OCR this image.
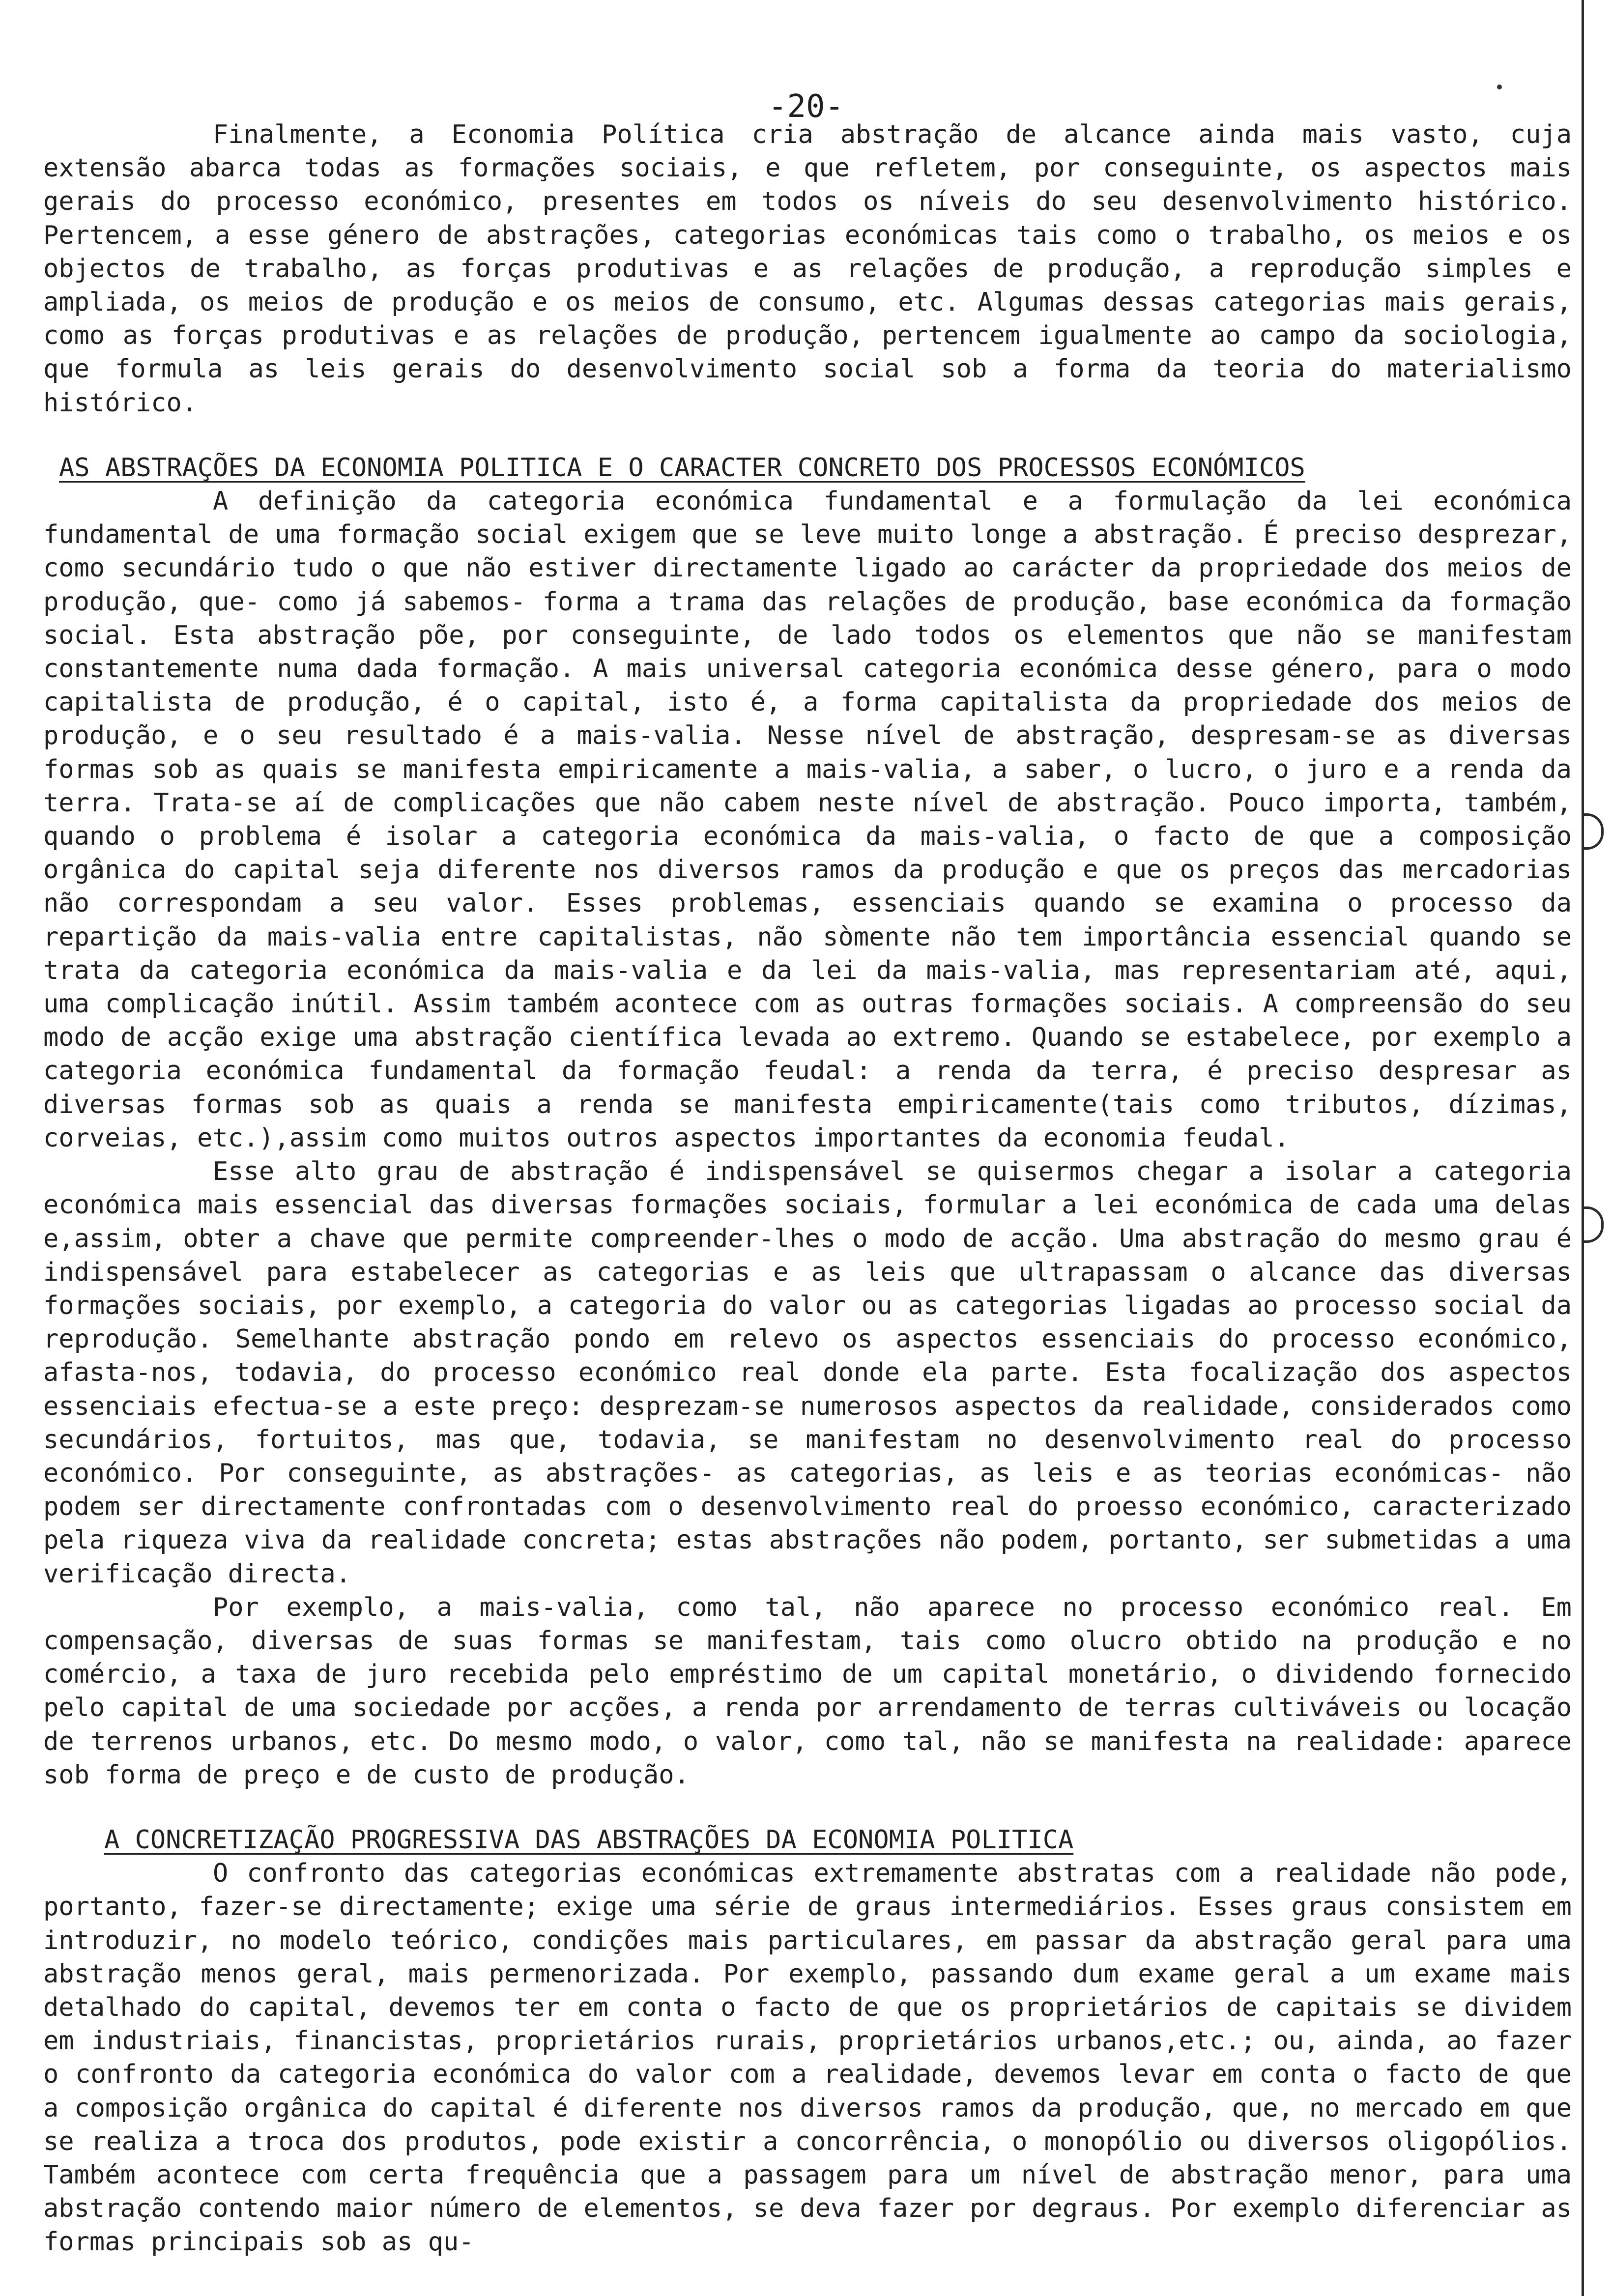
-20-

Finalmente, a Economia Política cria abstração de alcance ainda mais vasto, cuja extensão abarca todas as formações sociais, e que refletem, por conseguinte, os aspectos mais gerais do processo económico, presentes em todos os níveis do seu desenvolvimento histórico. Pertencem, a esse género de abstrações, categorias económicas tais como o trabalho, os meios e os objectos de trabalho, as forças produtivas e as relações de produção, a reprodução simples e ampliada, os meios de produção e os meios de consumo, etc. Algumas dessas categorias mais gerais, como as forças produtivas e as relações de produção, pertencem igualmente ao campo da sociologia, que formula as leis gerais do desenvolvimento social sob a forma da teoria do materialismo histórico.

AS ABSTRAÇÕES DA ECONOMIA POLITICA E O CARACTER CONCRETO DOS PROCESSOS ECONÓMICOS

A definição da categoria económica fundamental e a formulação da lei económica fundamental de uma formação social exigem que se leve muito longe a abstração. É preciso desprezar, como secundário tudo o que não estiver directamente ligado ao carácter da propriedade dos meios de produção, que- como já sabemos- forma a trama das relações de produção, base económica da formação social. Esta abstração põe, por conseguinte, de lado todos os elementos que não se manifestam constantemente numa dada formação. A mais universal categoria económica desse género, para o modo capitalista de produção, é o capital, isto é, a forma capitalista da propriedade dos meios de produção, e o seu resultado é a mais-valia. Nesse nível de abstração, despresam-se as diversas formas sob as quais se manifesta empiricamente a mais-valia, a saber, o lucro, o juro e a renda da terra. Trata-se aí de complicações que não cabem neste nível de abstração. Pouco importa, também, quando o problema é isolar a categoria económica da mais-valia, o facto de que a composição orgânica do capital seja diferente nos diversos ramos da produção e que os preços das mercadorias não correspondam a seu valor. Esses problemas, essenciais quando se examina o processo da repartição da mais-valia entre capitalistas, não sòmente não tem importância essencial quando se trata da categoria económica da mais-valia e da lei da mais-valia, mas representariam até, aqui, uma complicação inútil. Assim também acontece com as outras formações sociais. A compreensão do seu modo de acção exige uma abstração científica levada ao extremo. Quando se estabelece, por exemplo a categoria económica fundamental da formação feudal: a renda da terra, é preciso despresar as diversas formas sob as quais a renda se manifesta empiricamente(tais como tributos, dízimas, corveias, etc.),assim como muitos outros aspectos importantes da economia feudal.

Esse alto grau de abstração é indispensável se quisermos chegar a isolar a categoria económica mais essencial das diversas formações sociais, formular a lei económica de cada uma delas e,assim, obter a chave que permite compreender-lhes o modo de acção. Uma abstração do mesmo grau é indispensável para estabelecer as categorias e as leis que ultrapassam o alcance das diversas formações sociais, por exemplo, a categoria do valor ou as categorias ligadas ao processo social da reprodução. Semelhante abstração pondo em relevo os aspectos essenciais do processo económico, afasta-nos, todavia, do processo económico real donde ela parte. Esta focalização dos aspectos essenciais efectua-se a este preço: desprezam-se numerosos aspectos da realidade, considerados como secundários, fortuitos, mas que, todavia, se manifestam no desenvolvimento real do processo económico. Por conseguinte, as abstrações- as categorias, as leis e as teorias económicas- não podem ser directamente confrontadas com o desenvolvimento real do proesso económico, caracterizado pela riqueza viva da realidade concreta; estas abstrações não podem, portanto, ser submetidas a uma verificação directa.

Por exemplo, a mais-valia, como tal, não aparece no processo económico real. Em compensação, diversas de suas formas se manifestam, tais como olucro obtido na produção e no comércio, a taxa de juro recebida pelo empréstimo de um capital monetário, o dividendo fornecido pelo capital de uma sociedade por acções, a renda por arrendamento de terras cultiváveis ou locação de terrenos urbanos, etc. Do mesmo modo, o valor, como tal, não se manifesta na realidade: aparece sob forma de preço e de custo de produção.

A CONCRETIZAÇÃO PROGRESSIVA DAS ABSTRAÇÕES DA ECONOMIA POLITICA

O confronto das categorias económicas extremamente abstratas com a realidade não pode, portanto, fazer-se directamente; exige uma série de graus intermediários. Esses graus consistem em introduzir, no modelo teórico, condições mais particulares, em passar da abstração geral para uma abstração menos geral, mais permenorizada. Por exemplo, passando dum exame geral a um exame mais detalhado do capital, devemos ter em conta o facto de que os proprietários de capitais se dividem em industriais, financistas, proprietários rurais, proprietários urbanos,etc.; ou, ainda, ao fazer o confronto da categoria económica do valor com a realidade, devemos levar em conta o facto de que a composição orgânica do capital é diferente nos diversos ramos da produção, que, no mercado em que se realiza a troca dos produtos, pode existir a concorrência, o monopólio ou diversos oligopólios. Também acontece com certa frequência que a passagem para um nível de abstração menor, para uma abstração contendo maior número de elementos, se deva fazer por degraus. Por exemplo diferenciar as formas principais sob as qu-
